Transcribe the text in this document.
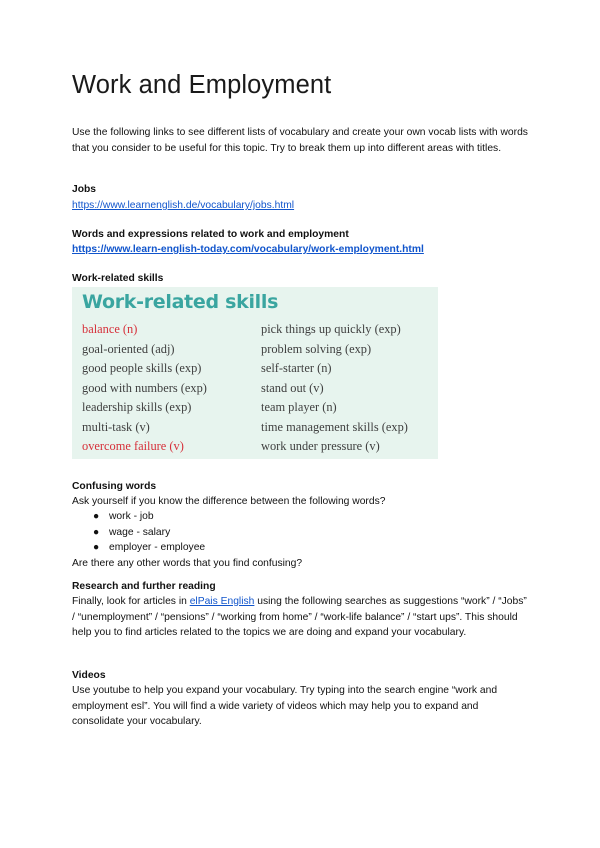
Work and Employment

Use the following links to see different lists of vocabulary and create your own vocab lists with words that you consider to be useful for this topic. Try to break them up into different areas with titles.

Jobs

https://www.learnenglish.de/vocabulary/jobs.html

Words and expressions related to work and employment

https://www.learn-english-today.com/vocabulary/work-employment.html

Work-related skills

Work-related skills
balance (n)
goal-oriented (adj)
good people skills (exp)
good with numbers (exp)
leadership skills (exp)
multi-task (v)
overcome failure (v)
pick things up quickly (exp)
problem solving (exp)
self-starter (n)
stand out (v)
team player (n)
time management skills (exp)
work under pressure (v)

Confusing words

Ask yourself if you know the difference between the following words?

● work - job
● wage - salary
● employer - employee

Are there any other words that you find confusing?

Research and further reading

Finally, look for articles in elPais English using the following searches as suggestions “work” / “Jobs” / “unemployment” / “pensions” / “working from home” / “work-life balance” / “start ups”. This should help you to find articles related to the topics we are doing and expand your vocabulary.

Videos

Use youtube to help you expand your vocabulary. Try typing into the search engine “work and employment esl”. You will find a wide variety of videos which may help you to expand and consolidate your vocabulary.
